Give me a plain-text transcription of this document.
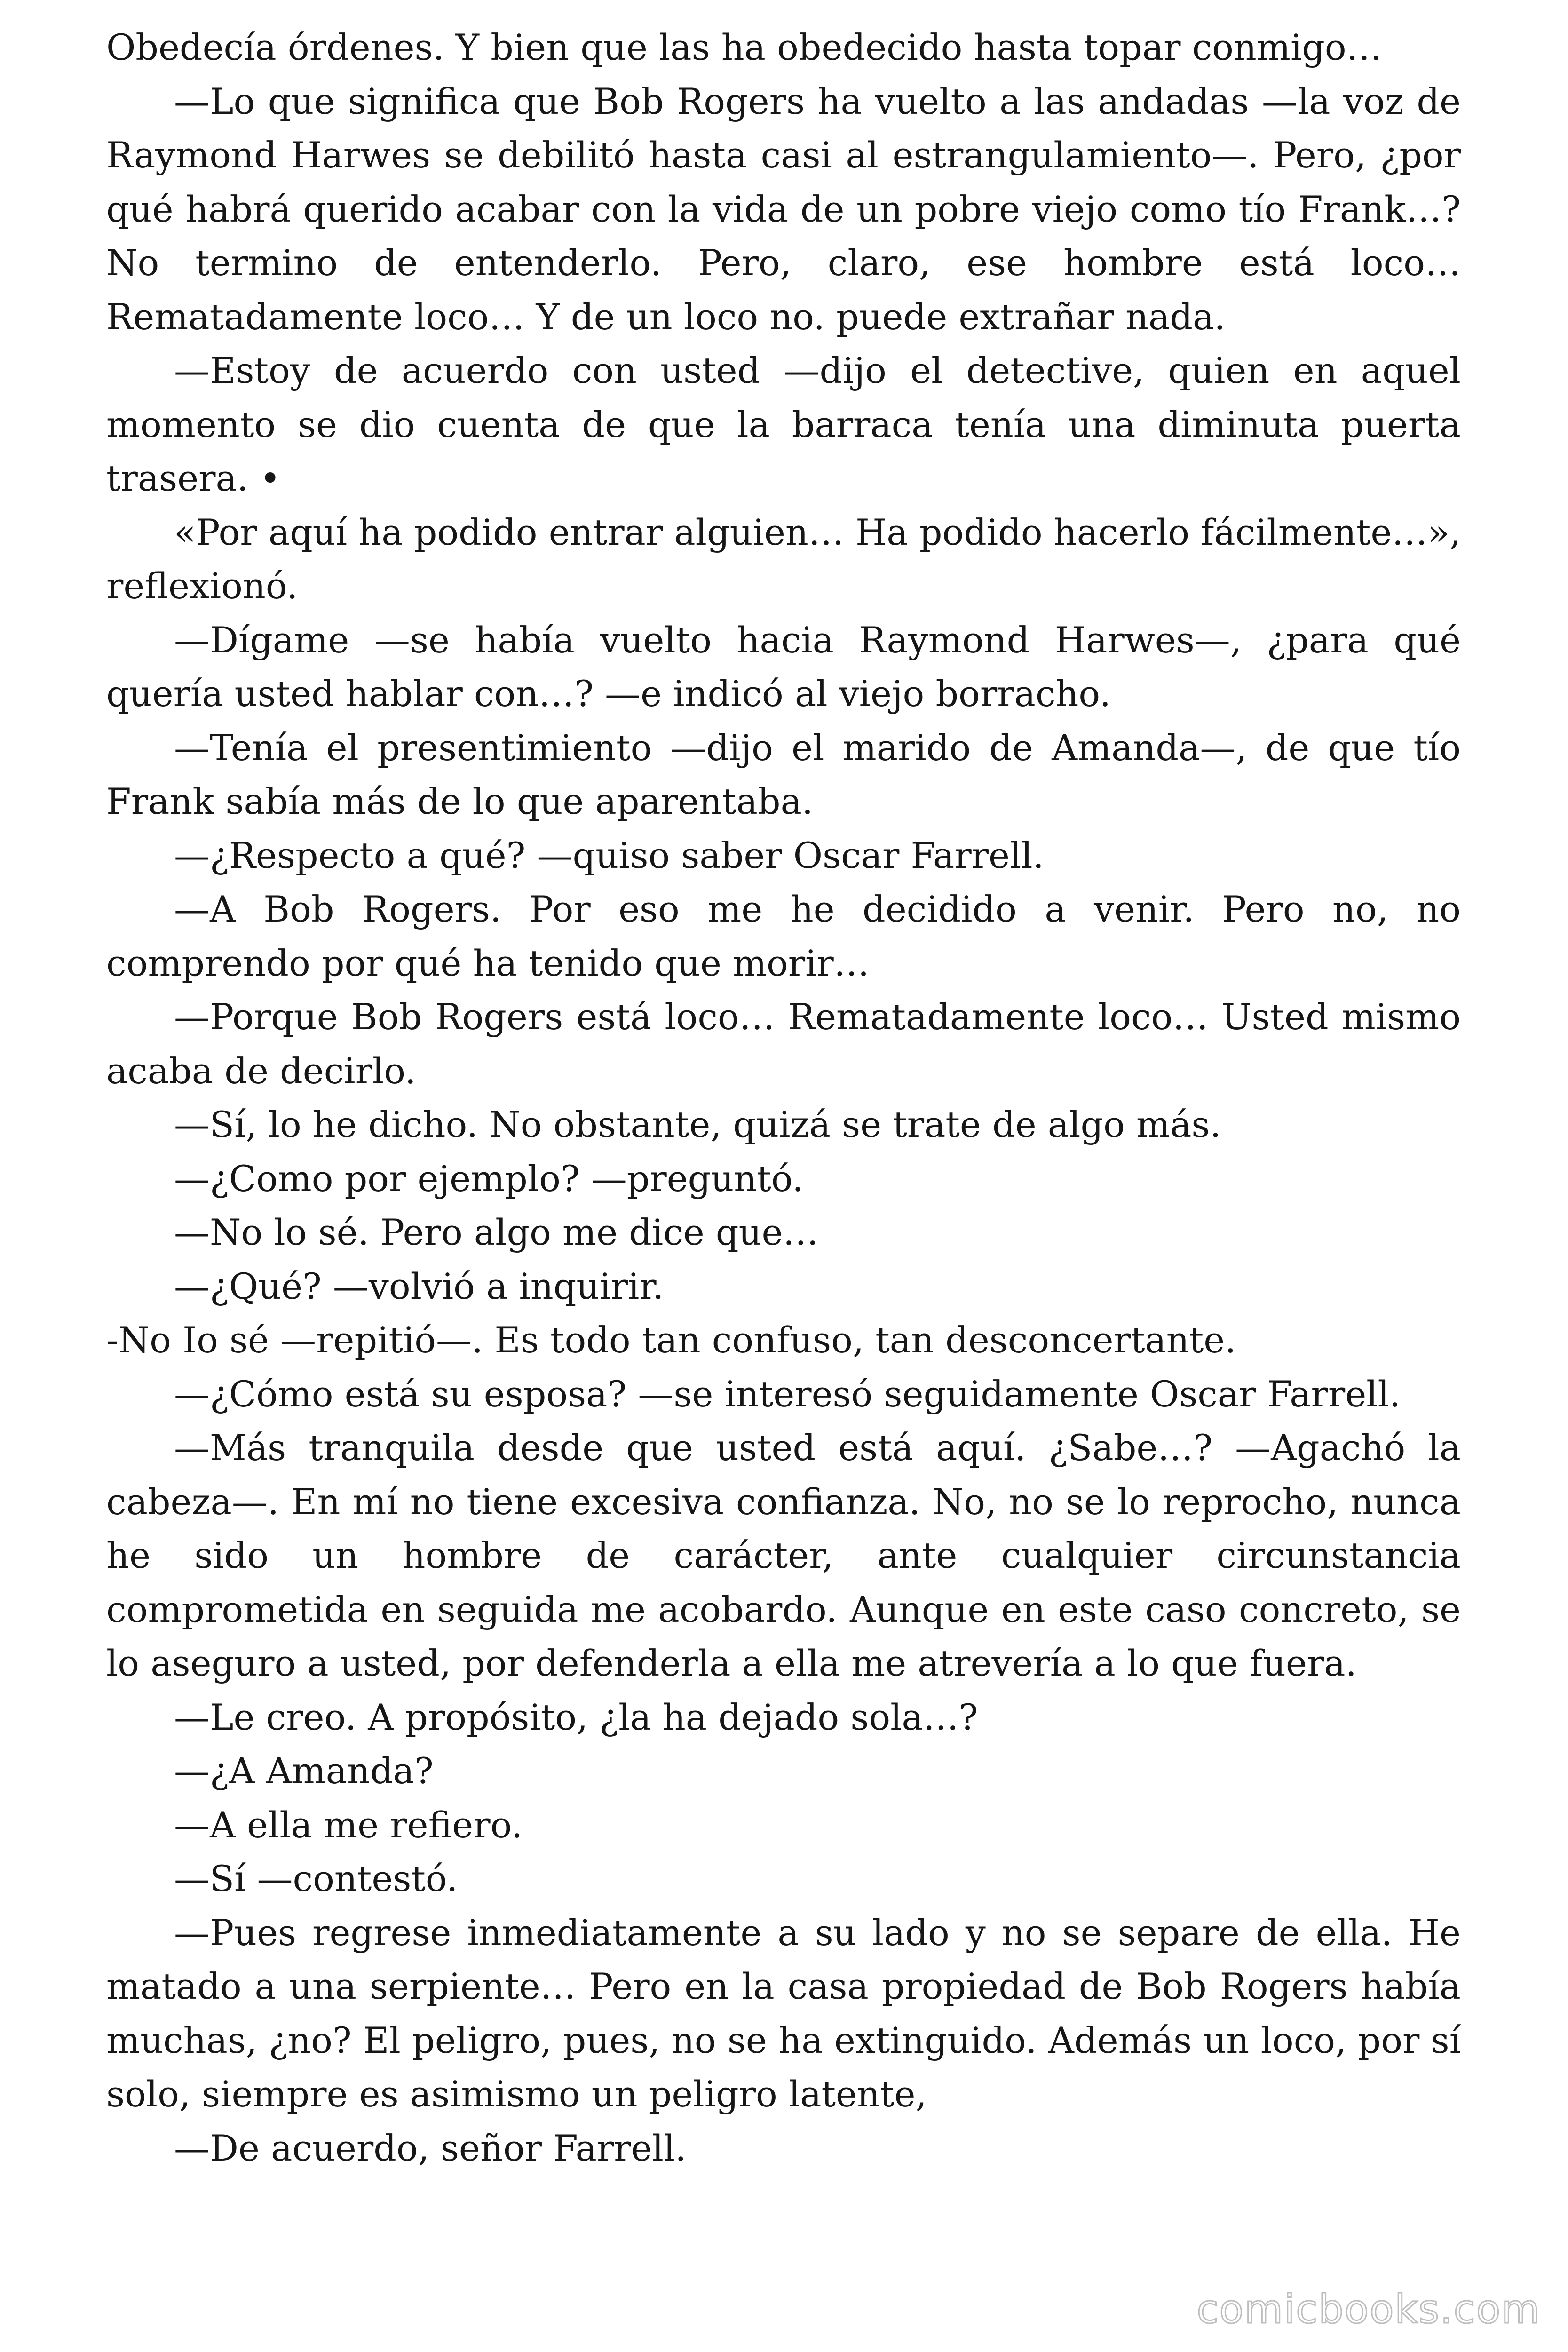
Obedecía órdenes. Y bien que las ha obedecido hasta topar conmigo…

—Lo que significa que Bob Rogers ha vuelto a las andadas —la voz de Raymond Harwes se debilitó hasta casi al estrangulamiento—. Pero, ¿por qué habrá querido acabar con la vida de un pobre viejo como tío Frank…? No termino de entenderlo. Pero, claro, ese hombre está loco… Rematadamente loco… Y de un loco no. puede extrañar nada.

—Estoy de acuerdo con usted —dijo el detective, quien en aquel momento se dio cuenta de que la barraca tenía una diminuta puerta trasera. •

«Por aquí ha podido entrar alguien… Ha podido hacerlo fácilmente…», reflexionó.

—Dígame —se había vuelto hacia Raymond Harwes—, ¿para qué quería usted hablar con…? —e indicó al viejo borracho.

—Tenía el presentimiento —dijo el marido de Amanda—, de que tío Frank sabía más de lo que aparentaba.

—¿Respecto a qué? —quiso saber Oscar Farrell.

—A Bob Rogers. Por eso me he decidido a venir. Pero no, no comprendo por qué ha tenido que morir…

—Porque Bob Rogers está loco… Rematadamente loco… Usted mismo acaba de decirlo.

—Sí, lo he dicho. No obstante, quizá se trate de algo más.

—¿Como por ejemplo? —preguntó.

—No lo sé. Pero algo me dice que…

—¿Qué? —volvió a inquirir.

-No Io sé —repitió—. Es todo tan confuso, tan desconcertante.

—¿Cómo está su esposa? —se interesó seguidamente Oscar Farrell.

—Más tranquila desde que usted está aquí. ¿Sabe…? —Agachó la cabeza—. En mí no tiene excesiva confianza. No, no se lo reprocho, nunca he sido un hombre de carácter, ante cualquier circunstancia comprometida en seguida me acobardo. Aunque en este caso concreto, se lo aseguro a usted, por defenderla a ella me atrevería a lo que fuera.

—Le creo. A propósito, ¿la ha dejado sola…?

—¿A Amanda?

—A ella me refiero.

—Sí —contestó.

—Pues regrese inmediatamente a su lado y no se separe de ella. He matado a una serpiente… Pero en la casa propiedad de Bob Rogers había muchas, ¿no? El peligro, pues, no se ha extinguido. Además un loco, por sí solo, siempre es asimismo un peligro latente,

—De acuerdo, señor Farrell.

comicbooks.com
